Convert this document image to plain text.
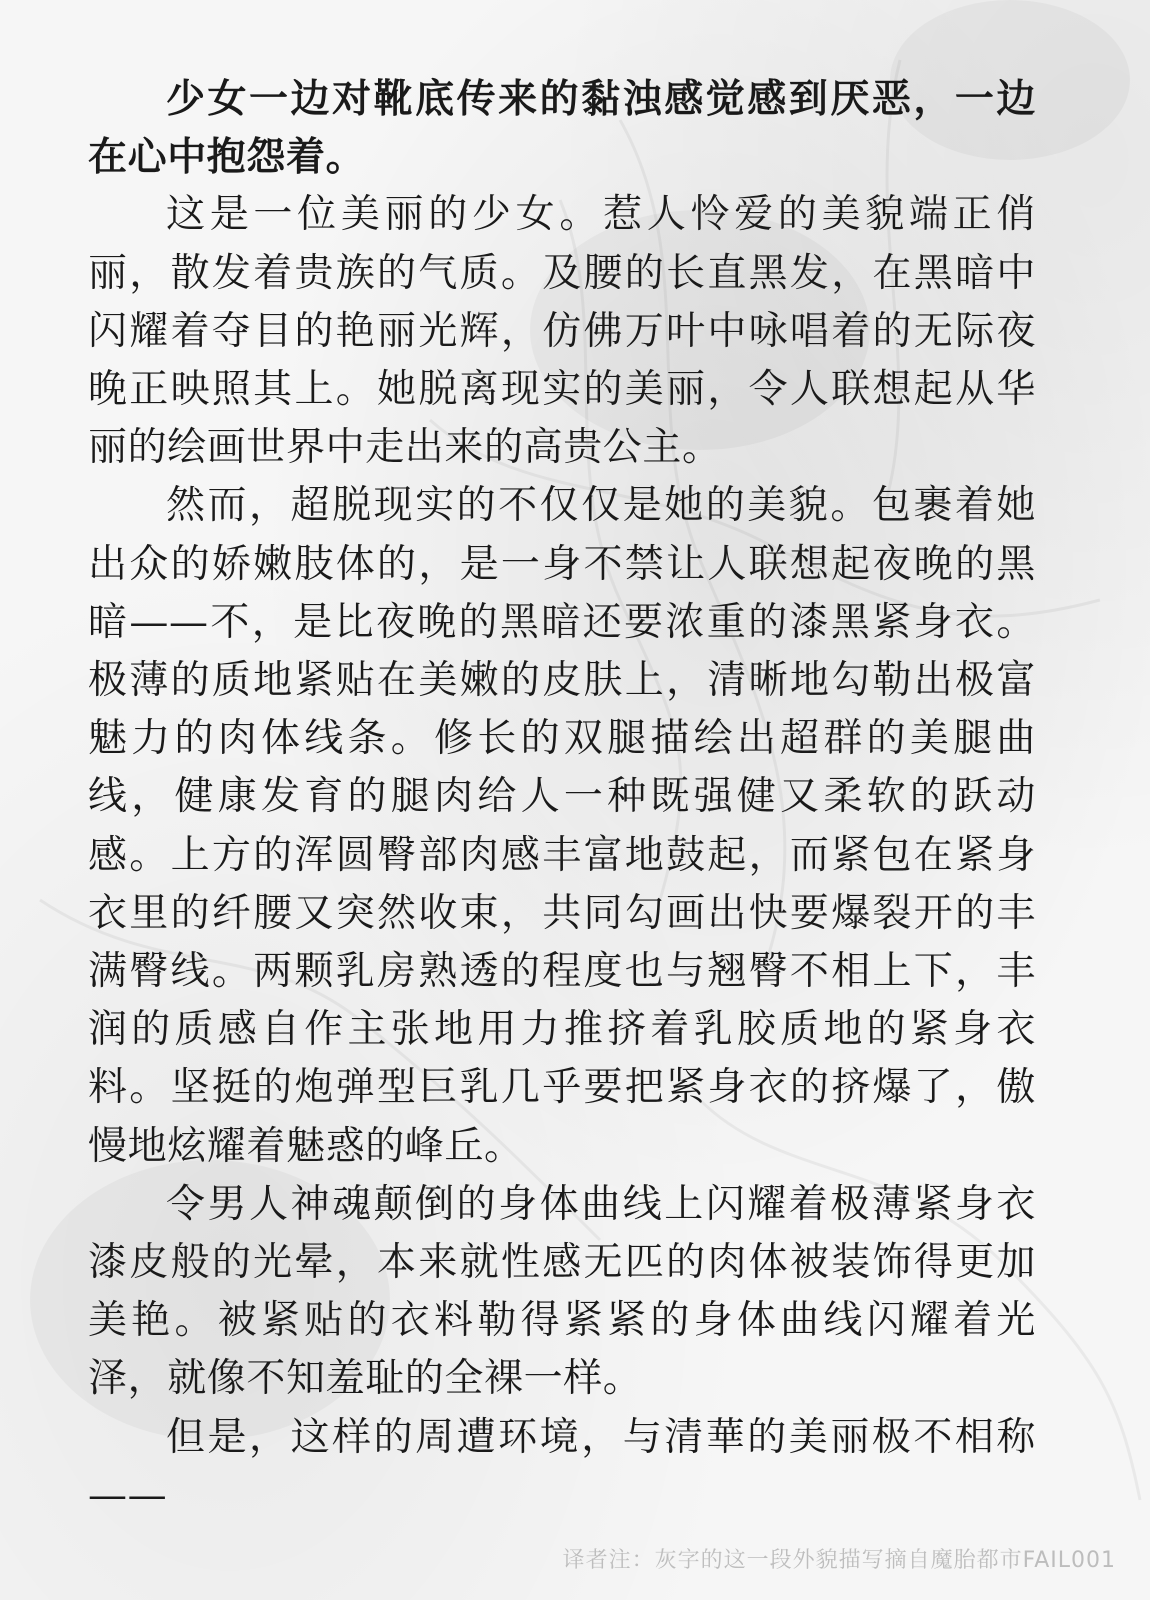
少女一边对靴底传来的黏浊感觉感到厌恶，一边在心中抱怨着。

这是一位美丽的少女。惹人怜爱的美貌端正俏丽，散发着贵族的气质。及腰的长直黑发，在黑暗中闪耀着夺目的艳丽光辉，仿佛万叶中咏唱着的无际夜晚正映照其上。她脱离现实的美丽，令人联想起从华丽的绘画世界中走出来的高贵公主。

然而，超脱现实的不仅仅是她的美貌。包裹着她出众的娇嫩肢体的，是一身不禁让人联想起夜晚的黑暗——不，是比夜晚的黑暗还要浓重的漆黑紧身衣。极薄的质地紧贴在美嫩的皮肤上，清晰地勾勒出极富魅力的肉体线条。修长的双腿描绘出超群的美腿曲线，健康发育的腿肉给人一种既强健又柔软的跃动感。上方的浑圆臀部肉感丰富地鼓起，而紧包在紧身衣里的纤腰又突然收束，共同勾画出快要爆裂开的丰满臀线。两颗乳房熟透的程度也与翘臀不相上下，丰润的质感自作主张地用力推挤着乳胶质地的紧身衣料。坚挺的炮弹型巨乳几乎要把紧身衣的挤爆了，傲慢地炫耀着魅惑的峰丘。

令男人神魂颠倒的身体曲线上闪耀着极薄紧身衣漆皮般的光晕，本来就性感无匹的肉体被装饰得更加美艳。被紧贴的衣料勒得紧紧的身体曲线闪耀着光泽，就像不知羞耻的全裸一样。

但是，这样的周遭环境，与清華的美丽极不相称——

译者注：灰字的这一段外貌描写摘自魔胎都市FAIL001
